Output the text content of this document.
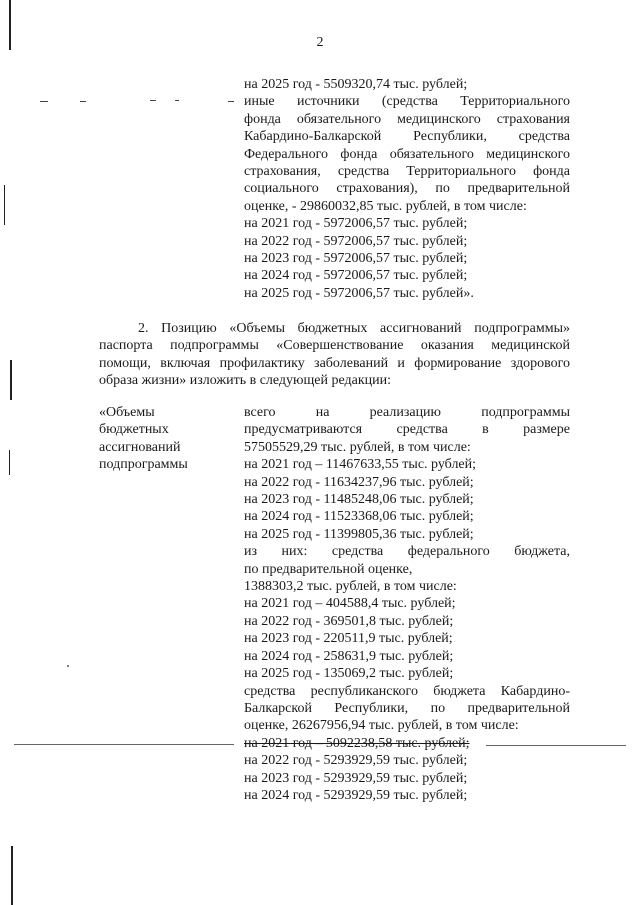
2
на 2025 год - 5509320,74 тыс. рублей;
иные источники (средства Территориального
фонда обязательного медицинского страхования
Кабардино-Балкарской Республики, средства
Федерального фонда обязательного медицинского
страхования, средства Территориального фонда
социального страхования), по предварительной
оценке, - 29860032,85 тыс. рублей, в том числе:
на 2021 год - 5972006,57 тыс. рублей;
на 2022 год - 5972006,57 тыс. рублей;
на 2023 год - 5972006,57 тыс. рублей;
на 2024 год - 5972006,57 тыс. рублей;
на 2025 год - 5972006,57 тыс. рублей».
2. Позицию «Объемы бюджетных ассигнований подпрограммы»
паспорта подпрограммы «Совершенствование оказания медицинской
помощи, включая профилактику заболеваний и формирование здорового
образа жизни» изложить в следующей редакции:
«Объемы
бюджетных
ассигнований
подпрограммы
всего на реализацию подпрограммы
предусматриваются средства в размере
57505529,29 тыс. рублей, в том числе:
на 2021 год – 11467633,55 тыс. рублей;
на 2022 год - 11634237,96 тыс. рублей;
на 2023 год - 11485248,06 тыс. рублей;
на 2024 год - 11523368,06 тыс. рублей;
на 2025 год - 11399805,36 тыс. рублей;
из них: средства федерального бюджета,
по предварительной оценке,
1388303,2 тыс. рублей, в том числе:
на 2021 год – 404588,4 тыс. рублей;
на 2022 год - 369501,8 тыс. рублей;
на 2023 год - 220511,9 тыс. рублей;
на 2024 год - 258631,9 тыс. рублей;
на 2025 год - 135069,2 тыс. рублей;
средства республиканского бюджета Кабардино-
Балкарской Республики, по предварительной
оценке, 26267956,94 тыс. рублей, в том числе:
на 2021 год – 5092238,58 тыс. рублей;
на 2022 год - 5293929,59 тыс. рублей;
на 2023 год - 5293929,59 тыс. рублей;
на 2024 год - 5293929,59 тыс. рублей;
